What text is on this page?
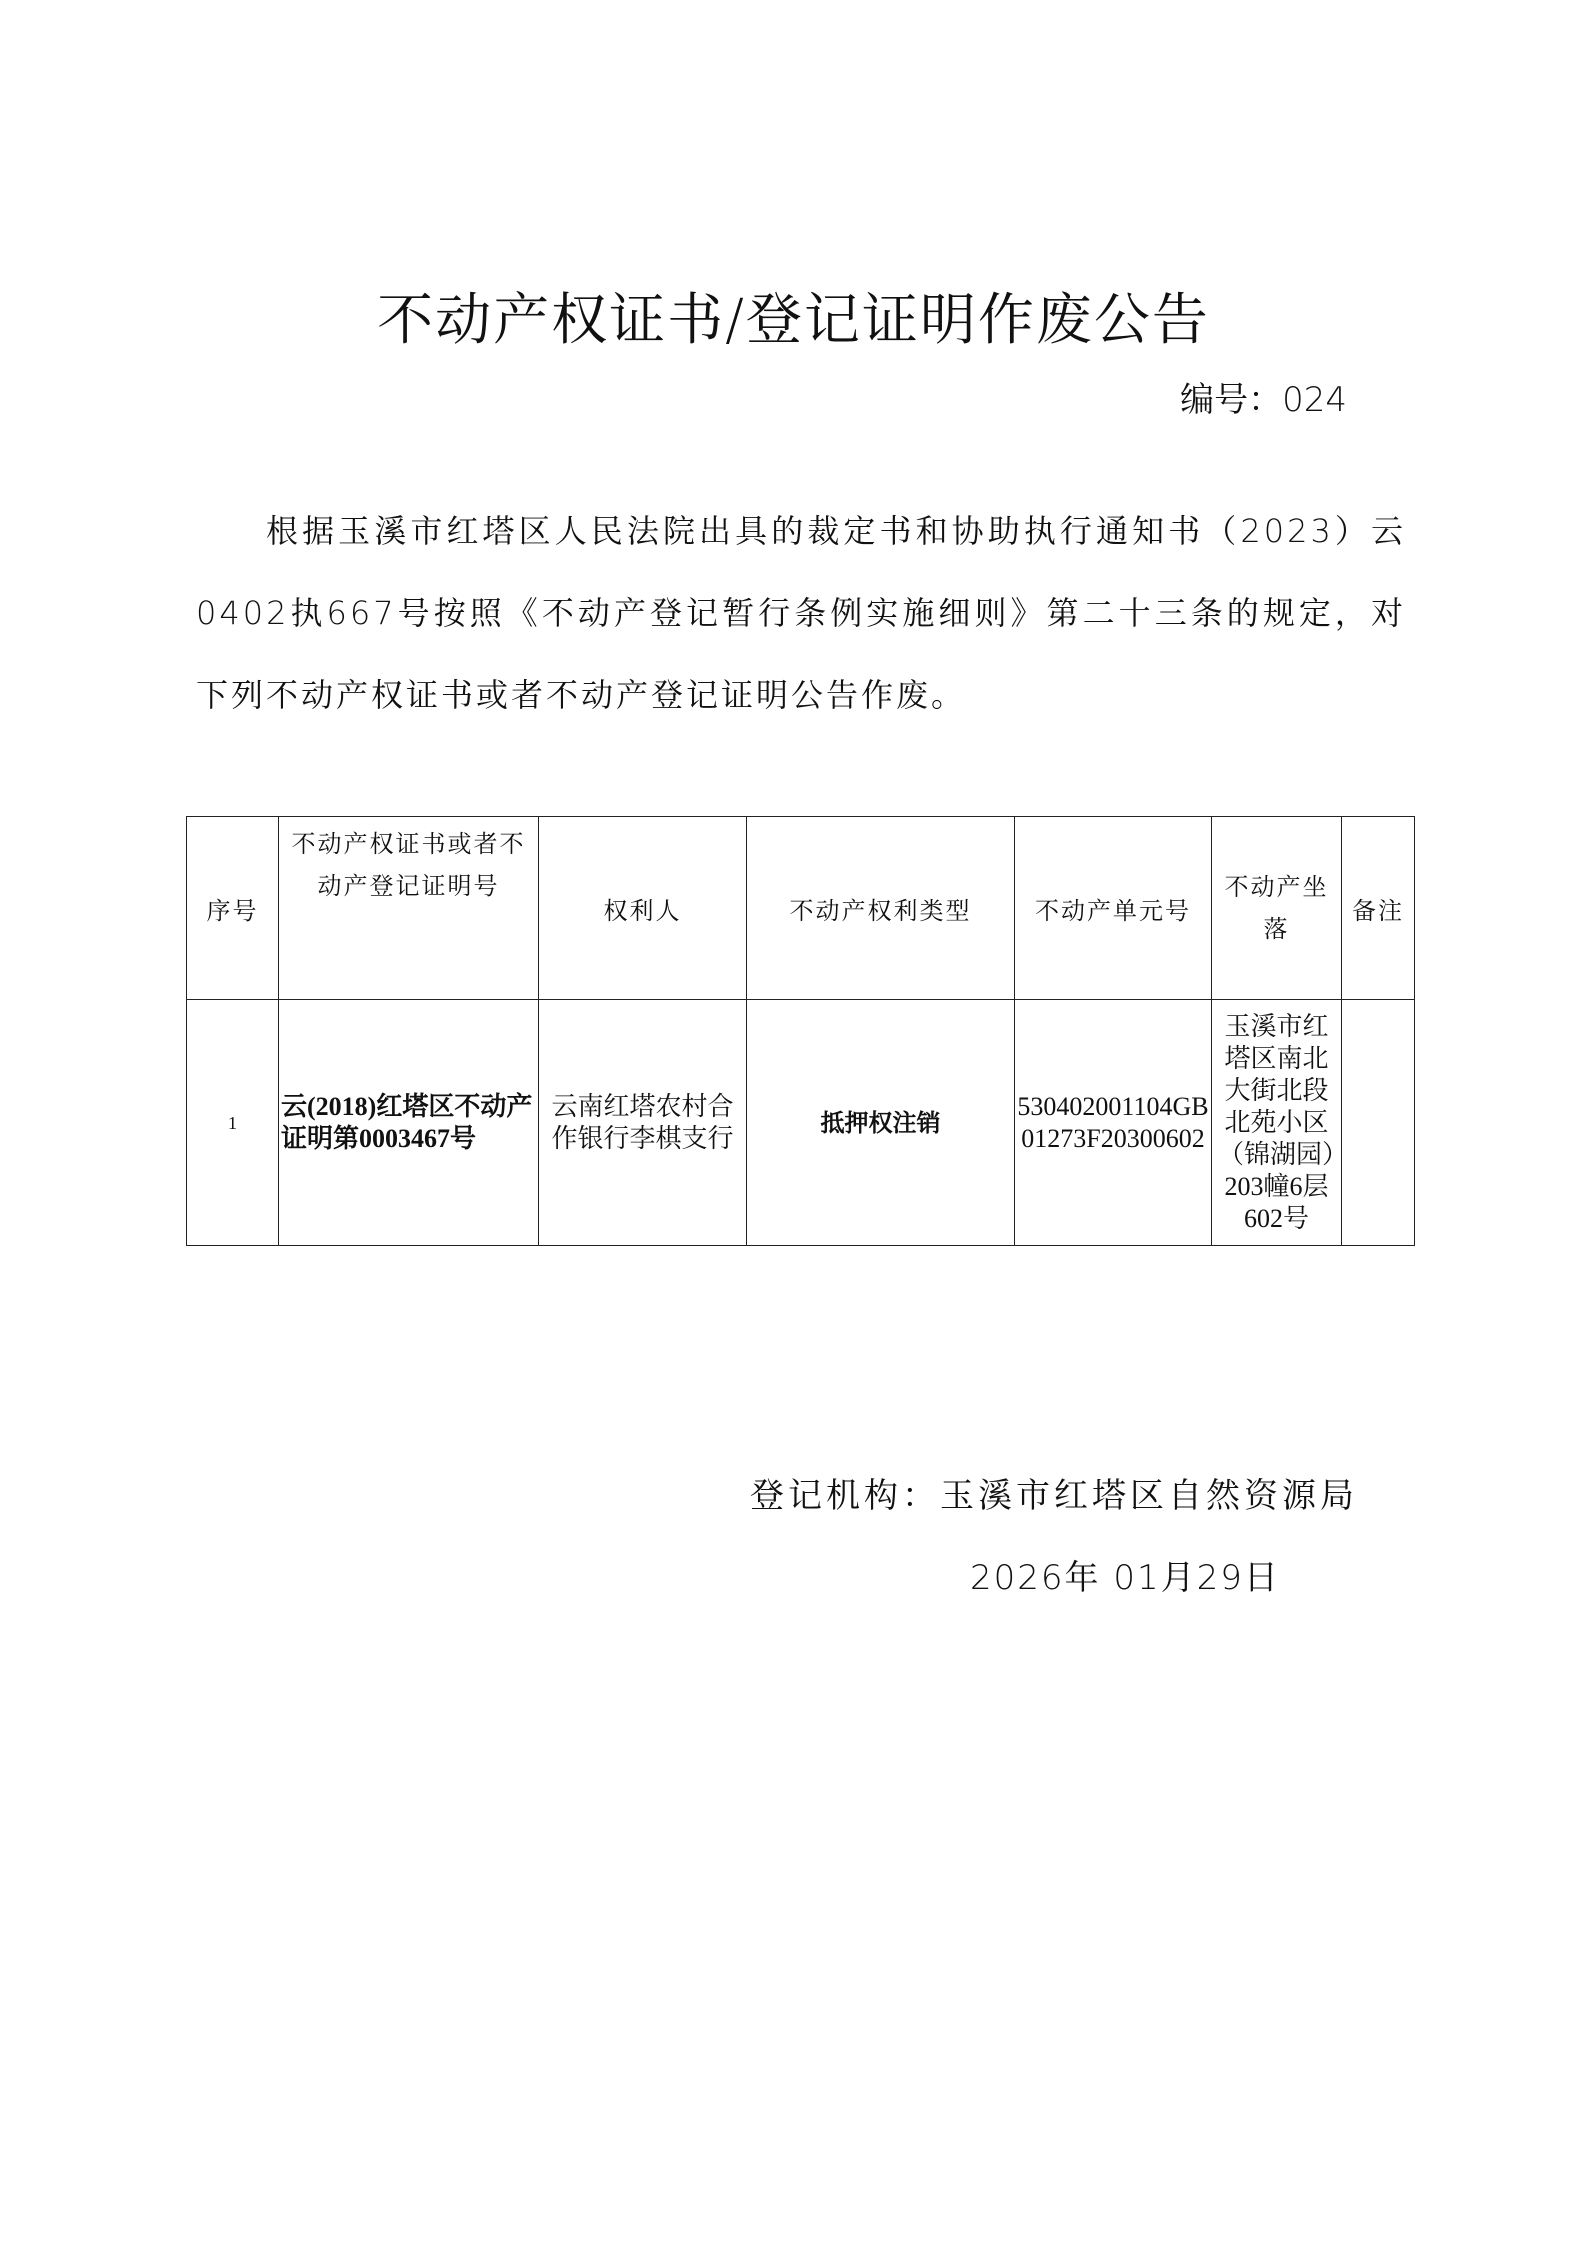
不动产权证书/登记证明作废公告
编号：024
根据玉溪市红塔区人民法院出具的裁定书和协助执行通知书（2023）云0402执667号按照《不动产登记暂行条例实施细则》第二十三条的规定，对下列不动产权证书或者不动产登记证明公告作废。
序号	不动产权证书或者不动产登记证明号	权利人	不动产权利类型	不动产单元号	不动产坐落	备注
1	云(2018)红塔区不动产证明第0003467号	云南红塔农村合作银行李棋支行	抵押权注销	530402001104GB01273F20300602	玉溪市红塔区南北大街北段北苑小区（锦湖园）203幢6层602号	
登记机构：玉溪市红塔区自然资源局
2026年 01月29日
